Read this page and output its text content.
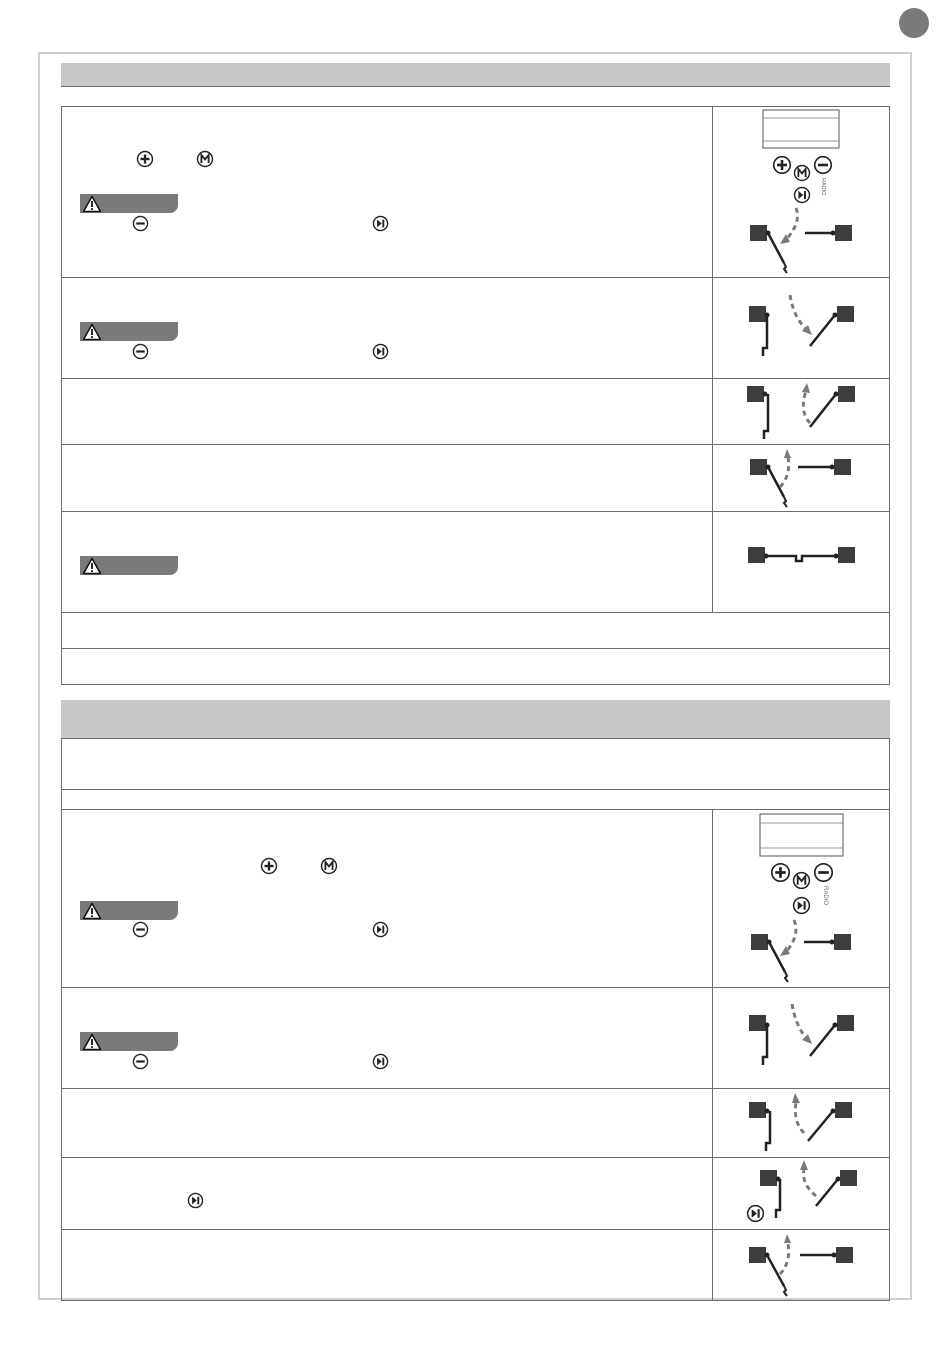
RADIO
RADIO
